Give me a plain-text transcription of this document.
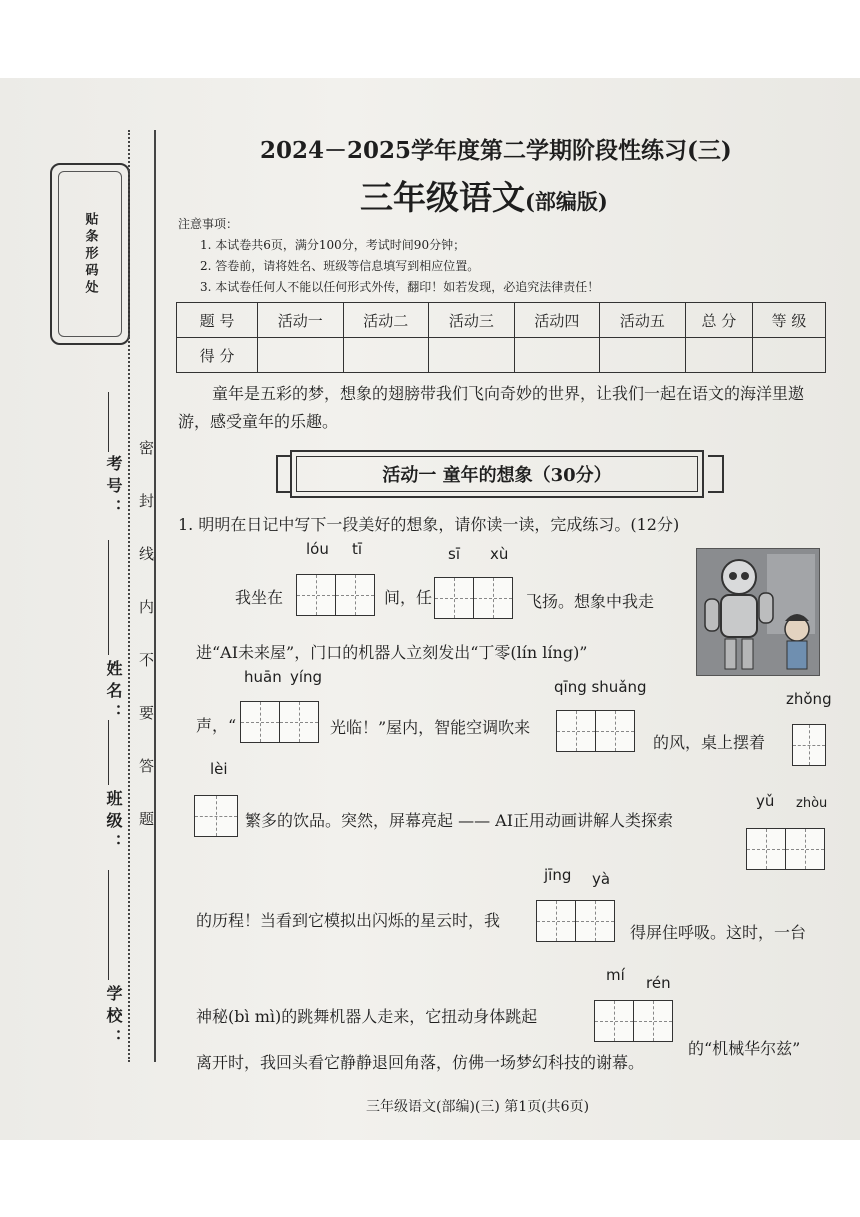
贴条形码处
考号：
姓名：
班级：
学校：
密封线内不要答题
2024－2025学年度第二学期阶段性练习(三)
三年级语文(部编版)
注意事项：
1. 本试卷共6页，满分100分，考试时间90分钟；
2. 答卷前，请将姓名、班级等信息填写到相应位置。
3. 本试卷任何人不能以任何形式外传，翻印！如若发现，必追究法律责任！
题 号	活动一	活动二	活动三	活动四	活动五	总 分	等 级
得 分							
童年是五彩的梦，想象的翅膀带我们飞向奇妙的世界，让我们一起在语文的海洋里遨游，感受童年的乐趣。
活动一 童年的想象（30分）
1. 明明在日记中写下一段美好的想象，请你读一读，完成练习。(12分)
lóu tī	sī xù
huān yíng
qīng shuǎng
zhǒng
lèi
yǔ zhòu
jīng yà
mí rén
我坐在	间，任	飞扬。想象中我走
进“AI未来屋”，门口的机器人立刻发出“丁零(lín líng)”
声，“	光临！”屋内，智能空调吹来
的风，桌上摆着
繁多的饮品。突然，屏幕亮起 —— AI正用动画讲解人类探索
的历程！当看到它模拟出闪烁的星云时，我
得屏住呼吸。这时，一台
神秘(bì mì)的跳舞机器人走来，它扭动身体跳起
的“机械华尔兹”
离开时，我回头看它静静退回角落，仿佛一场梦幻科技的谢幕。
三年级语文(部编)(三) 第1页(共6页)
